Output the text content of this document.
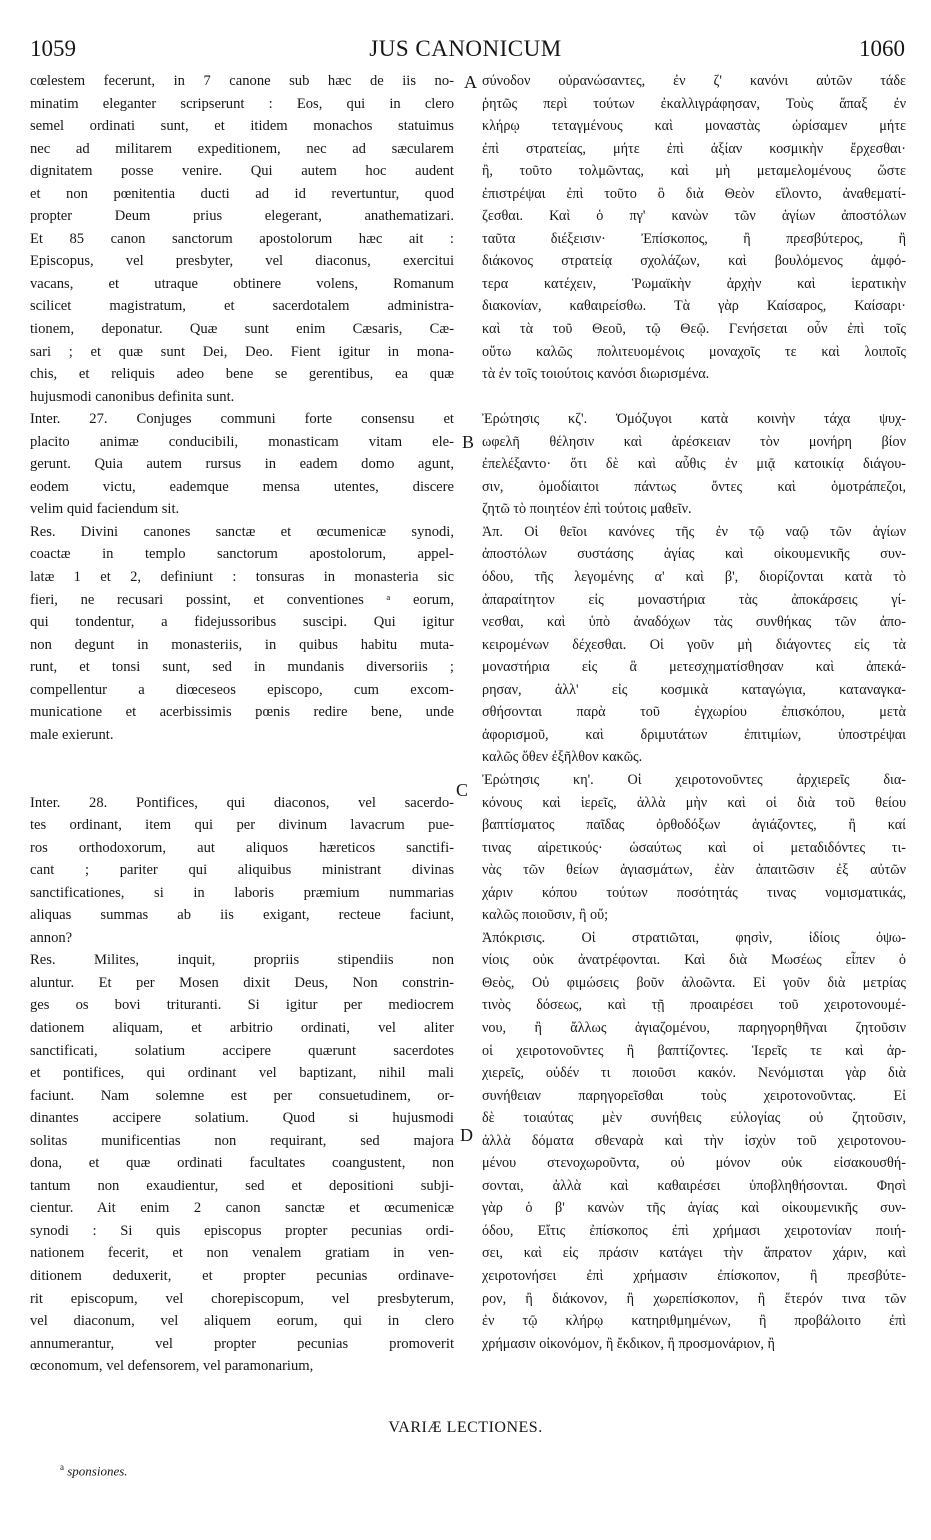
1059	JUS CANONICUM	1060
cœlestem fecerunt, in 7 canone sub hæc de iis no-
minatim eleganter scripserunt : Eos, qui in clero
semel ordinati sunt, et itidem monachos statuimus
nec ad militarem expeditionem, nec ad sæcularem
dignitatem posse venire. Qui autem hoc audent
et non pœnitentia ducti ad id revertuntur, quod
propter Deum prius elegerant, anathematizari.
Et 85 canon sanctorum apostolorum hæc ait :
Episcopus, vel presbyter, vel diaconus, exercitui
vacans, et utraque obtinere volens, Romanum
scilicet magistratum, et sacerdotalem administra-
tionem, deponatur. Quæ sunt enim Cæsaris, Cæ-
sari ; et quæ sunt Dei, Deo. Fient igitur in mona-
chis, et reliquis adeo bene se gerentibus, ea quæ
hujusmodi canonibus definita sunt.
Inter. 27. Conjuges communi forte consensu et
placito animæ conducibili, monasticam vitam ele-
gerunt. Quia autem rursus in eadem domo agunt,
eodem victu, eademque mensa utentes, discere
velim quid faciendum sit.
Res. Divini canones sanctæ et œcumenicæ synodi,
coactæ in templo sanctorum apostolorum, appel-
latæ 1 et 2, definiunt : tonsuras in monasteria sic
fieri, ne recusari possint, et conventiones ᵃ eorum,
qui tondentur, a fidejussoribus suscipi. Qui igitur
non degunt in monasteriis, in quibus habitu muta-
runt, et tonsi sunt, sed in mundanis diversoriis ;
compellentur a diœceseos episcopo, cum excom-
municatione et acerbissimis pœnis redire bene, unde
male exierunt.
Inter. 28. Pontifices, qui diaconos, vel sacerdo-
tes ordinant, item qui per divinum lavacrum pue-
ros orthodoxorum, aut aliquos hæreticos sanctifi-
cant ; pariter qui aliquibus ministrant divinas
sanctificationes, si in laboris præmium nummarias
aliquas summas ab iis exigant, recteue faciunt,
annon?
Res. Milites, inquit, propriis stipendiis non
aluntur. Et per Mosen dixit Deus, Non constrin-
ges os bovi trituranti. Si igitur per mediocrem
dationem aliquam, et arbitrio ordinati, vel aliter
sanctificati, solatium accipere quærunt sacerdotes
et pontifices, qui ordinant vel baptizant, nihil mali
faciunt. Nam solemne est per consuetudinem, or-
dinantes accipere solatium. Quod si hujusmodi
solitas munificentias non requirant, sed majora
dona, et quæ ordinati facultates coangustent, non
tantum non exaudientur, sed et depositioni subji-
cientur. Ait enim 2 canon sanctæ et œcumenicæ
synodi : Si quis episcopus propter pecunias ordi-
nationem fecerit, et non venalem gratiam in ven-
ditionem deduxerit, et propter pecunias ordinave-
rit episcopum, vel chorepiscopum, vel presbyterum,
vel diaconum, vel aliquem eorum, qui in clero
annumerantur, vel propter pecunias promoverit
œconomum, vel defensorem, vel paramonarium,
σύνοδον οὐρανώσαντες, ἐν ζ' κανόνι αὐτῶν τάδε
ῥητῶς περὶ τούτων ἐκαλλιγράφησαν, Τοὺς ἅπαξ ἐν
κλήρῳ τεταγμένους καὶ μοναστὰς ὡρίσαμεν μήτε
ἐπὶ στρατείας, μήτε ἐπὶ ἀξίαν κοσμικὴν ἔρχεσθαι·
ἢ, τοῦτο τολμῶντας, καὶ μὴ μεταμελομένους ὥστε
ἐπιστρέψαι ἐπὶ τοῦτο ὃ διὰ Θεὸν εἵλοντο, ἀναθεματί-
ζεσθαι. Καὶ ὁ πγ' κανὼν τῶν ἁγίων ἀποστόλων
ταῦτα διέξεισιν· Ἐπίσκοπος, ἢ πρεσβύτερος, ἢ
διάκονος στρατείᾳ σχολάζων, καὶ βουλόμενος ἀμφό-
τερα κατέχειν, Ῥωμαϊκὴν ἀρχὴν καὶ ἱερατικὴν
διακονίαν, καθαιρείσθω. Τὰ γὰρ Καίσαρος, Καίσαρι·
καὶ τὰ τοῦ Θεοῦ, τῷ Θεῷ. Γενήσεται οὖν ἐπὶ τοῖς
οὕτω καλῶς πολιτευομένοις μοναχοῖς τε καὶ λοιποῖς
τὰ ἐν τοῖς τοιούτοις κανόσι διωρισμένα.
Ἐρώτησις κζ'. Ὁμόζυγοι κατὰ κοινὴν τάχα ψυχ-
ωφελῆ θέλησιν καὶ ἀρέσκειαν τὸν μονήρη βίον
ἐπελέξαντο· ὅτι δὲ καὶ αὖθις ἐν μιᾷ κατοικίᾳ διάγου-
σιν, ὁμοδίαιτοι πάντως ὄντες καὶ ὁμοτράπεζοι,
ζητῶ τὸ ποιητέον ἐπὶ τούτοις μαθεῖν.
Ἀπ. Οἱ θεῖοι κανόνες τῆς ἐν τῷ ναῷ τῶν ἁγίων
ἀποστόλων συστάσης ἁγίας καὶ οἰκουμενικῆς συν-
όδου, τῆς λεγομένης α' καὶ β', διορίζονται κατὰ τὸ
ἀπαραίτητον εἰς μοναστήρια τὰς ἀποκάρσεις γί-
νεσθαι, καὶ ὑπὸ ἀναδόχων τὰς συνθήκας τῶν ἀπο-
κειρομένων δέχεσθαι. Οἱ γοῦν μὴ διάγοντες εἰς τὰ
μοναστήρια εἰς ἃ μετεσχηματίσθησαν καὶ ἀπεκά-
ρησαν, ἀλλ' εἰς κοσμικὰ καταγώγια, καταναγκα-
σθήσονται παρὰ τοῦ ἐγχωρίου ἐπισκόπου, μετὰ
ἀφορισμοῦ, καὶ δριμυτάτων ἐπιτιμίων, ὑποστρέψαι
καλῶς ὅθεν ἐξῆλθον κακῶς.
Ἐρώτησις κη'. Οἱ χειροτονοῦντες ἀρχιερεῖς δια-
κόνους καὶ ἱερεῖς, ἀλλὰ μὴν καὶ οἱ διὰ τοῦ θείου
βαπτίσματος παῖδας ὀρθοδόξων ἁγιάζοντες, ἢ καί
τινας αἱρετικούς· ὡσαύτως καὶ οἱ μεταδιδόντες τι-
νὰς τῶν θείων ἁγιασμάτων, ἐὰν ἀπαιτῶσιν ἐξ αὐτῶν
χάριν κόπου τούτων ποσότητάς τινας νομισματικάς,
καλῶς ποιοῦσιν, ἢ οὔ;
Ἀπόκρισις. Οἱ στρατιῶται, φησὶν, ἰδίοις ὀψω-
νίοις οὐκ ἀνατρέφονται. Καὶ διὰ Μωσέως εἶπεν ὁ
Θεὸς, Οὐ φιμώσεις βοῦν ἀλοῶντα. Εἰ γοῦν διὰ μετρίας
τινὸς δόσεως, καὶ τῇ προαιρέσει τοῦ χειροτονουμέ-
νου, ἢ ἄλλως ἁγιαζομένου, παρηγορηθῆναι ζητοῦσιν
οἱ χειροτονοῦντες ἢ βαπτίζοντες. Ἱερεῖς τε καὶ ἀρ-
χιερεῖς, οὐδέν τι ποιοῦσι κακόν. Νενόμισται γὰρ διὰ
συνήθειαν παρηγορεῖσθαι τοὺς χειροτονοῦντας. Εἰ
δὲ τοιαύτας μὲν συνήθεις εὐλογίας οὐ ζητοῦσιν,
ἀλλὰ δόματα σθεναρὰ καὶ τὴν ἰσχὺν τοῦ χειροτονου-
μένου στενοχωροῦντα, οὐ μόνον οὐκ εἰσακουσθή-
σονται, ἀλλὰ καὶ καθαιρέσει ὑποβληθήσονται. Φησὶ
γὰρ ὁ β' κανὼν τῆς ἁγίας καὶ οἰκουμενικῆς συν-
όδου, Εἴτις ἐπίσκοπος ἐπὶ χρήμασι χειροτονίαν ποιή-
σει, καὶ εἰς πράσιν κατάγει τὴν ἄπρατον χάριν, καὶ
χειροτονήσει ἐπὶ χρήμασιν ἐπίσκοπον, ἢ πρεσβύτε-
ρον, ἢ διάκονον, ἢ χωρεπίσκοπον, ἢ ἕτερόν τινα τῶν
ἐν τῷ κλήρῳ κατηριθμημένων, ἢ προβάλοιτο ἐπὶ
χρήμασιν οἰκονόμον, ἢ ἔκδικον, ἢ προσμονάριον, ἢ
A
B
C
D
VARIÆ LECTIONES.
$^a$ sponsiones.
